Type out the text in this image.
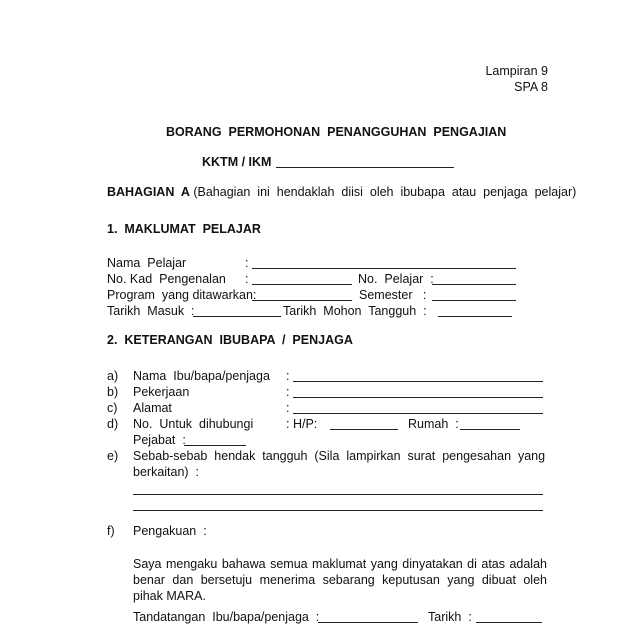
Lampiran 9
SPA 8
BORANG  PERMOHONAN  PENANGGUHAN  PENGAJIAN
KKTM / IKM
BAHAGIAN  A (Bahagian  ini  hendaklah  diisi  oleh  ibubapa  atau  penjaga  pelajar)
1.  MAKLUMAT  PELAJAR
Nama  Pelajar	:
No. Kad  Pengenalan :	No.  Pelajar  :
Program  yang ditawarkan:	Semester   :
Tarikh  Masuk  :	Tarikh  Mohon  Tangguh  :
2.  KETERANGAN  IBUBAPA  /  PENJAGA
a) Nama  Ibu/bapa/penjaga :
b) Pekerjaan	:
c) Alamat	:
d) No.  Untuk  dihubungi	: H/P:	Rumah  :
Pejabat  :
e) Sebab-sebab  hendak  tangguh  (Sila  lampirkan  surat  pengesahan  yang
berkaitan)  :
f) Pengakuan  :
Saya mengaku bahawa semua maklumat yang dinyatakan di atas adalah benar dan bersetuju menerima sebarang keputusan yang dibuat oleh pihak MARA.
Tandatangan  Ibu/bapa/penjaga  :	Tarikh  :
